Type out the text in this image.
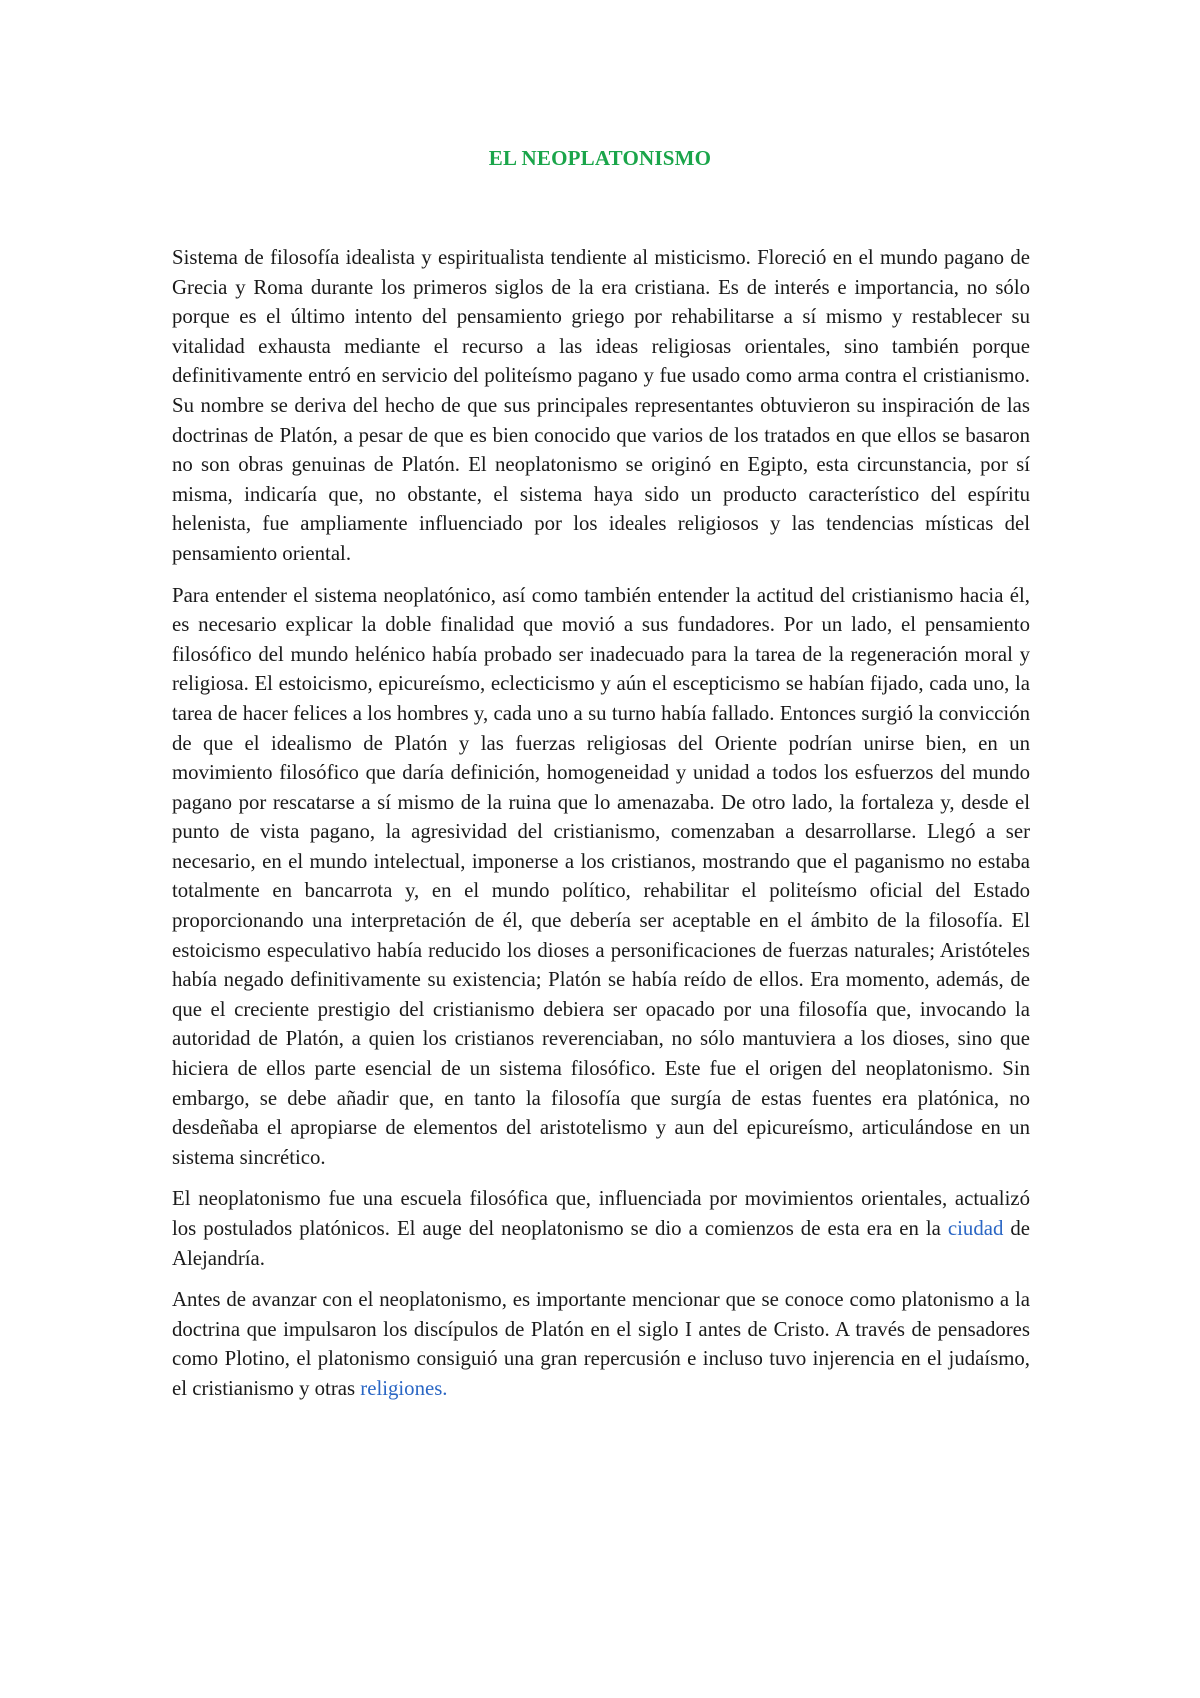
EL NEOPLATONISMO

Sistema de filosofía idealista y espiritualista tendiente al misticismo. Floreció en el mundo pagano de Grecia y Roma durante los primeros siglos de la era cristiana. Es de interés e importancia, no sólo porque es el último intento del pensamiento griego por rehabilitarse a sí mismo y restablecer su vitalidad exhausta mediante el recurso a las ideas religiosas orientales, sino también porque definitivamente entró en servicio del politeísmo pagano y fue usado como arma contra el cristianismo. Su nombre se deriva del hecho de que sus principales representantes obtuvieron su inspiración de las doctrinas de Platón, a pesar de que es bien conocido que varios de los tratados en que ellos se basaron no son obras genuinas de Platón. El neoplatonismo se originó en Egipto, esta circunstancia, por sí misma, indicaría que, no obstante, el sistema haya sido un producto característico del espíritu helenista, fue ampliamente influenciado por los ideales religiosos y las tendencias místicas del pensamiento oriental.

Para entender el sistema neoplatónico, así como también entender la actitud del cristianismo hacia él, es necesario explicar la doble finalidad que movió a sus fundadores. Por un lado, el pensamiento filosófico del mundo helénico había probado ser inadecuado para la tarea de la regeneración moral y religiosa. El estoicismo, epicureísmo, eclecticismo y aún el escepticismo se habían fijado, cada uno, la tarea de hacer felices a los hombres y, cada uno a su turno había fallado. Entonces surgió la convicción de que el idealismo de Platón y las fuerzas religiosas del Oriente podrían unirse bien, en un movimiento filosófico que daría definición, homogeneidad y unidad a todos los esfuerzos del mundo pagano por rescatarse a sí mismo de la ruina que lo amenazaba. De otro lado, la fortaleza y, desde el punto de vista pagano, la agresividad del cristianismo, comenzaban a desarrollarse. Llegó a ser necesario, en el mundo intelectual, imponerse a los cristianos, mostrando que el paganismo no estaba totalmente en bancarrota y, en el mundo político, rehabilitar el politeísmo oficial del Estado proporcionando una interpretación de él, que debería ser aceptable en el ámbito de la filosofía. El estoicismo especulativo había reducido los dioses a personificaciones de fuerzas naturales; Aristóteles había negado definitivamente su existencia; Platón se había reído de ellos. Era momento, además, de que el creciente prestigio del cristianismo debiera ser opacado por una filosofía que, invocando la autoridad de Platón, a quien los cristianos reverenciaban, no sólo mantuviera a los dioses, sino que hiciera de ellos parte esencial de un sistema filosófico. Este fue el origen del neoplatonismo. Sin embargo, se debe añadir que, en tanto la filosofía que surgía de estas fuentes era platónica, no desdeñaba el apropiarse de elementos del aristotelismo y aun del epicureísmo, articulándose en un sistema sincrético.

El neoplatonismo fue una escuela filosófica que, influenciada por movimientos orientales, actualizó los postulados platónicos. El auge del neoplatonismo se dio a comienzos de esta era en la ciudad de Alejandría.

Antes de avanzar con el neoplatonismo, es importante mencionar que se conoce como platonismo a la doctrina que impulsaron los discípulos de Platón en el siglo I antes de Cristo. A través de pensadores como Plotino, el platonismo consiguió una gran repercusión e incluso tuvo injerencia en el judaísmo, el cristianismo y otras religiones.
